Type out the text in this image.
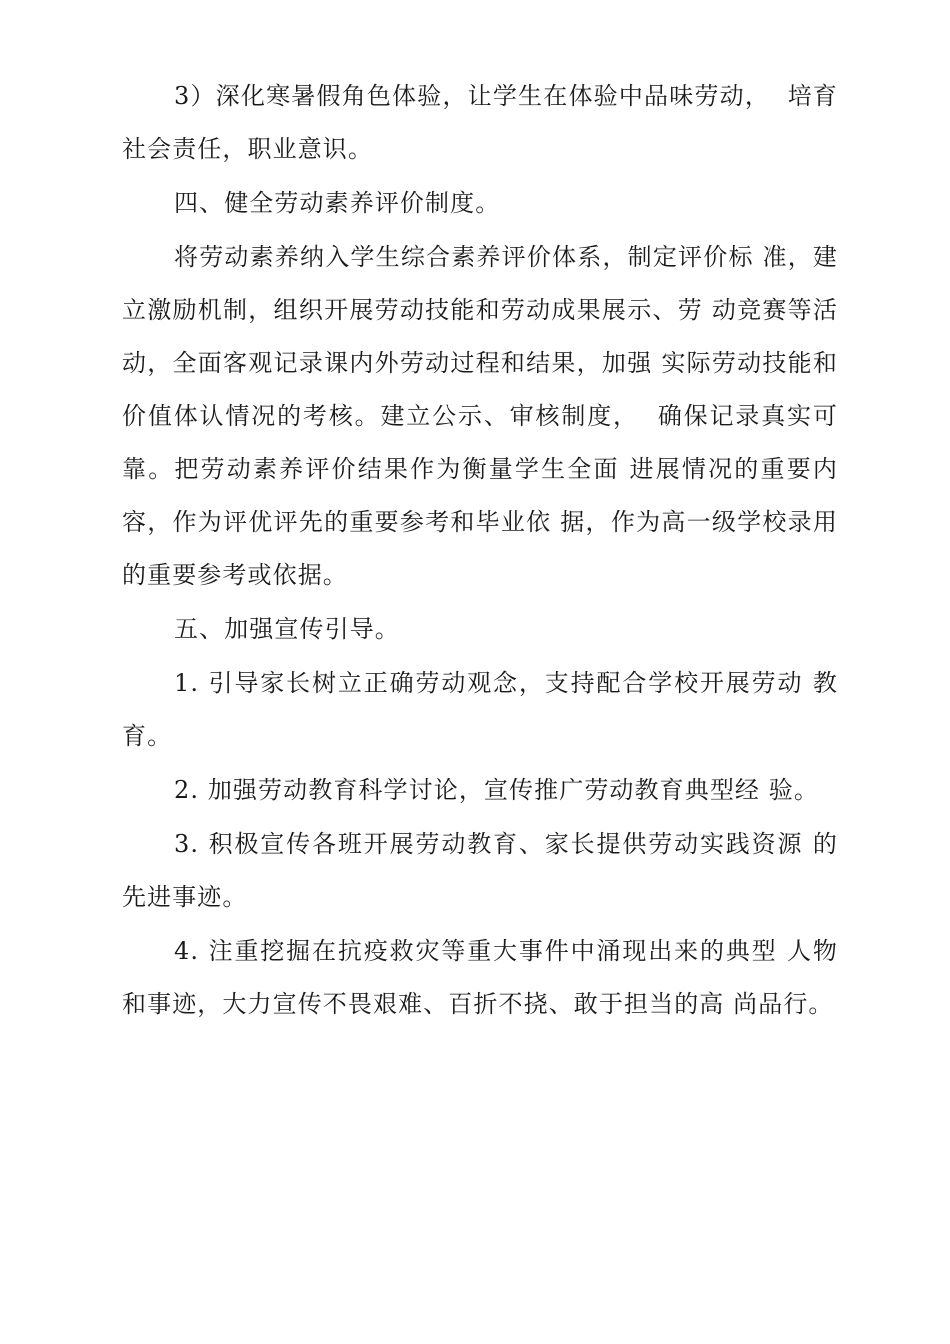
3）深化寒暑假角色体验，让学生在体验中品味劳动，  培育社会责任，职业意识。

四、健全劳动素养评价制度。

将劳动素养纳入学生综合素养评价体系，制定评价标 准，建立激励机制，组织开展劳动技能和劳动成果展示、劳 动竞赛等活动，全面客观记录课内外劳动过程和结果，加强 实际劳动技能和价值体认情况的考核。建立公示、审核制度，  确保记录真实可靠。把劳动素养评价结果作为衡量学生全面 进展情况的重要内容，作为评优评先的重要参考和毕业依 据，作为高一级学校录用的重要参考或依据。

五、加强宣传引导。

1. 引导家长树立正确劳动观念，支持配合学校开展劳动 教育。

2. 加强劳动教育科学讨论，宣传推广劳动教育典型经 验。

3. 积极宣传各班开展劳动教育、家长提供劳动实践资源 的先进事迹。

4. 注重挖掘在抗疫救灾等重大事件中涌现出来的典型 人物和事迹，大力宣传不畏艰难、百折不挠、敢于担当的高 尚品行。
